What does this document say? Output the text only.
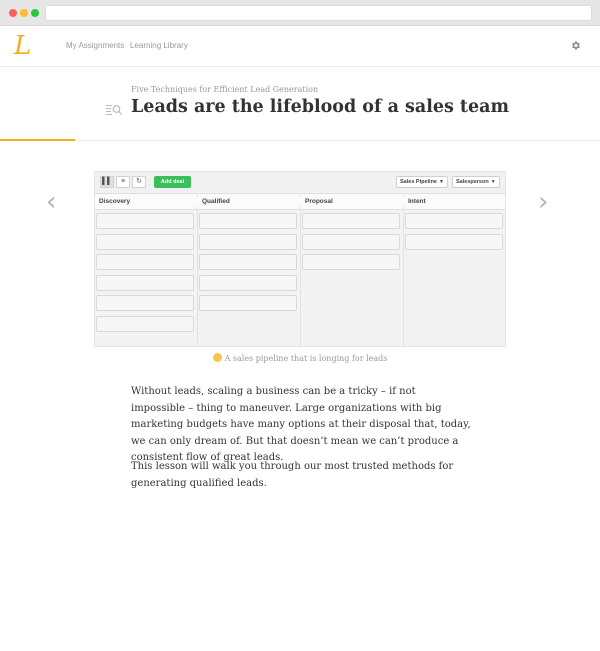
L	My Assignments Learning Library
Five Techniques for Efficient Lead Generation
Leads are the lifeblood of a sales team
‹	›
▌▌	≡	↻	Add deal	Sales Pipeline ▼	Salesperson ▼
Discovery	Qualified	Proposal	Intent
A sales pipeline that is longing for leads

Without leads, scaling a business can be a tricky – if not impossible – thing to maneuver. Large organizations with big marketing budgets have many options at their disposal that, today, we can only dream of. But that doesn’t mean we can’t produce a consistent flow of great leads.

This lesson will walk you through our most trusted methods for generating qualified leads.
